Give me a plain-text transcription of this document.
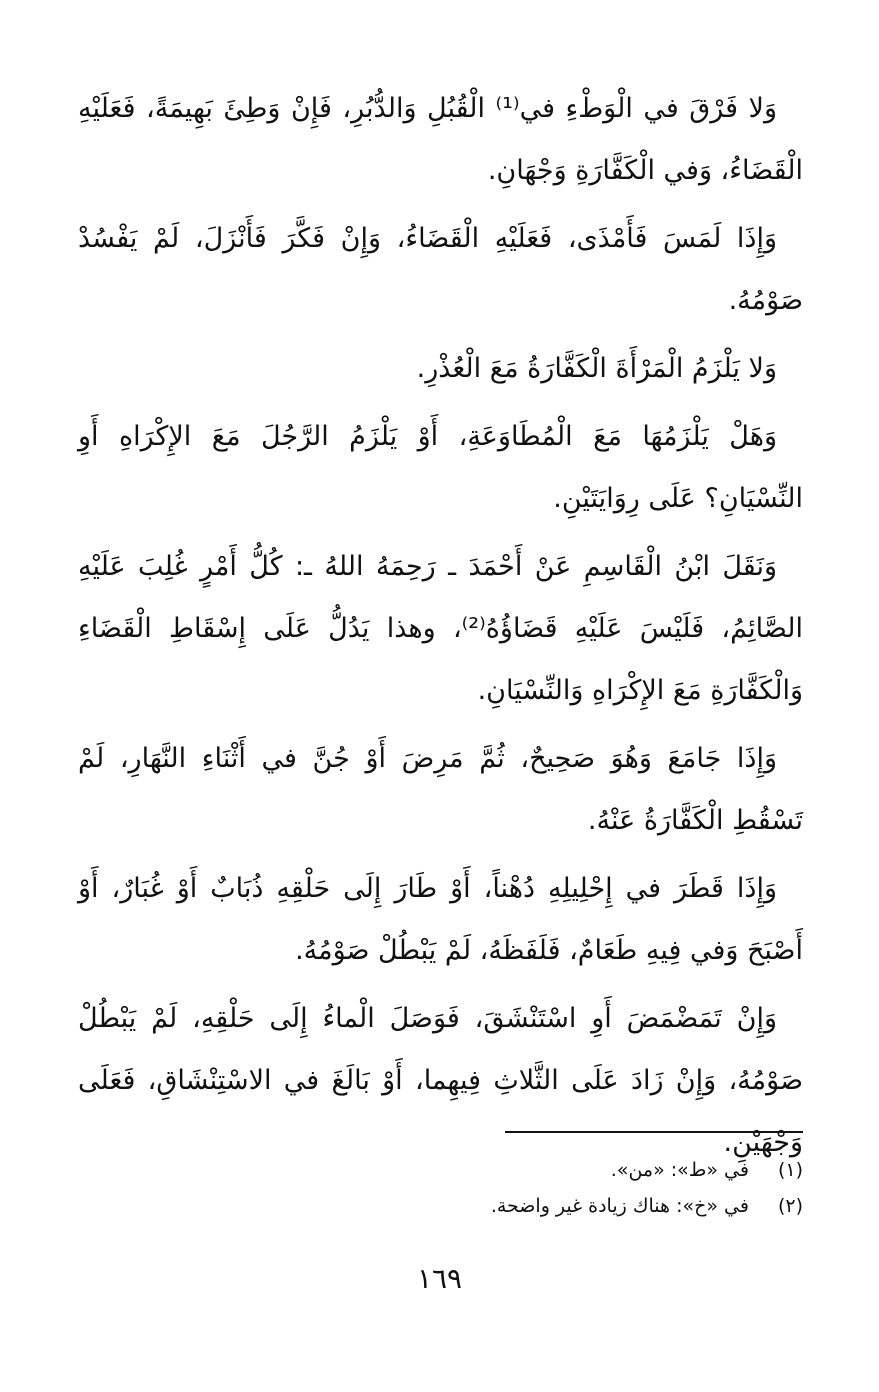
وَلا فَرْقَ في الْوَطْءِ في⁽¹⁾ الْقُبُلِ وَالدُّبُرِ، فَإِنْ وَطِئَ بَهِيمَةً، فَعَلَيْهِ الْقَضَاءُ، وَفي الْكَفَّارَةِ وَجْهَانِ.

وَإِذَا لَمَسَ فَأَمْذَى، فَعَلَيْهِ الْقَضَاءُ، وَإِنْ فَكَّرَ فَأَنْزَلَ، لَمْ يَفْسُدْ صَوْمُهُ.

وَلا يَلْزَمُ الْمَرْأَةَ الْكَفَّارَةُ مَعَ الْعُذْرِ.

وَهَلْ يَلْزَمُهَا مَعَ الْمُطَاوَعَةِ، أَوْ يَلْزَمُ الرَّجُلَ مَعَ الإِكْرَاهِ أَوِ النِّسْيَانِ؟ عَلَى رِوَايَتَيْنِ.

وَنَقَلَ ابْنُ الْقَاسِمِ عَنْ أَحْمَدَ ـ رَحِمَهُ اللهُ ـ: كُلُّ أَمْرٍ غُلِبَ عَلَيْهِ الصَّائِمُ، فَلَيْسَ عَلَيْهِ قَضَاؤُهُ⁽²⁾، وهذا يَدُلُّ عَلَى إِسْقَاطِ الْقَضَاءِ وَالْكَفَّارَةِ مَعَ الإِكْرَاهِ وَالنِّسْيَانِ.

وَإِذَا جَامَعَ وَهُوَ صَحِيحٌ، ثُمَّ مَرِضَ أَوْ جُنَّ في أَثْنَاءِ النَّهَارِ، لَمْ تَسْقُطِ الْكَفَّارَةُ عَنْهُ.

وَإِذَا قَطَرَ في إِحْلِيلِهِ دُهْناً، أَوْ طَارَ إِلَى حَلْقِهِ ذُبَابٌ أَوْ غُبَارٌ، أَوْ أَصْبَحَ وَفي فِيهِ طَعَامٌ، فَلَفَظَهُ، لَمْ يَبْطُلْ صَوْمُهُ.

وَإِنْ تَمَضْمَضَ أَوِ اسْتَنْشَقَ، فَوَصَلَ الْماءُ إِلَى حَلْقِهِ، لَمْ يَبْطُلْ صَوْمُهُ، وَإِنْ زَادَ عَلَى الثَّلاثِ فِيهِما، أَوْ بَالَغَ في الاسْتِنْشَاقِ، فَعَلَى وَجْهَيْنِ.

(١) في «ط»: «من».

(٢) في «خ»: هناك زيادة غير واضحة.

١٦٩
